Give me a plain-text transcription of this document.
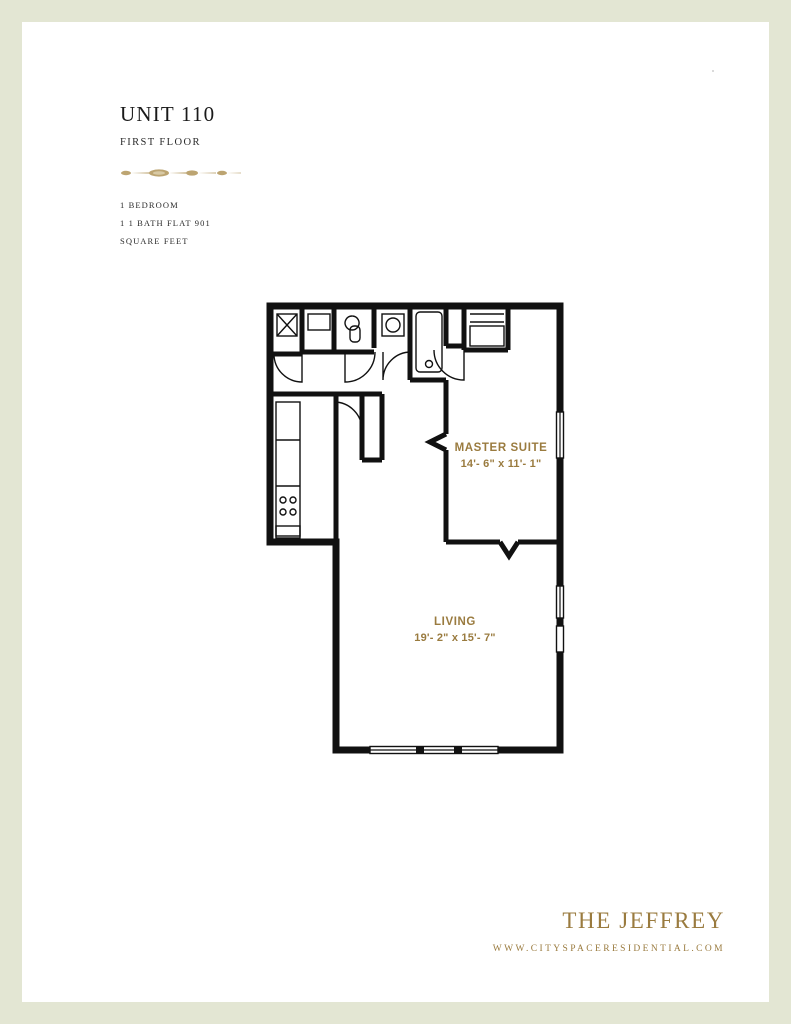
UNIT 110

FIRST FLOOR

1 BEDROOM

1 1 BATH FLAT 901

SQUARE FEET

MASTER SUITE
14'- 6" x 11'- 1"
LIVING
19'- 2" x 15'- 7"

THE JEFFREY

WWW.CITYSPACERESIDENTIAL.COM
